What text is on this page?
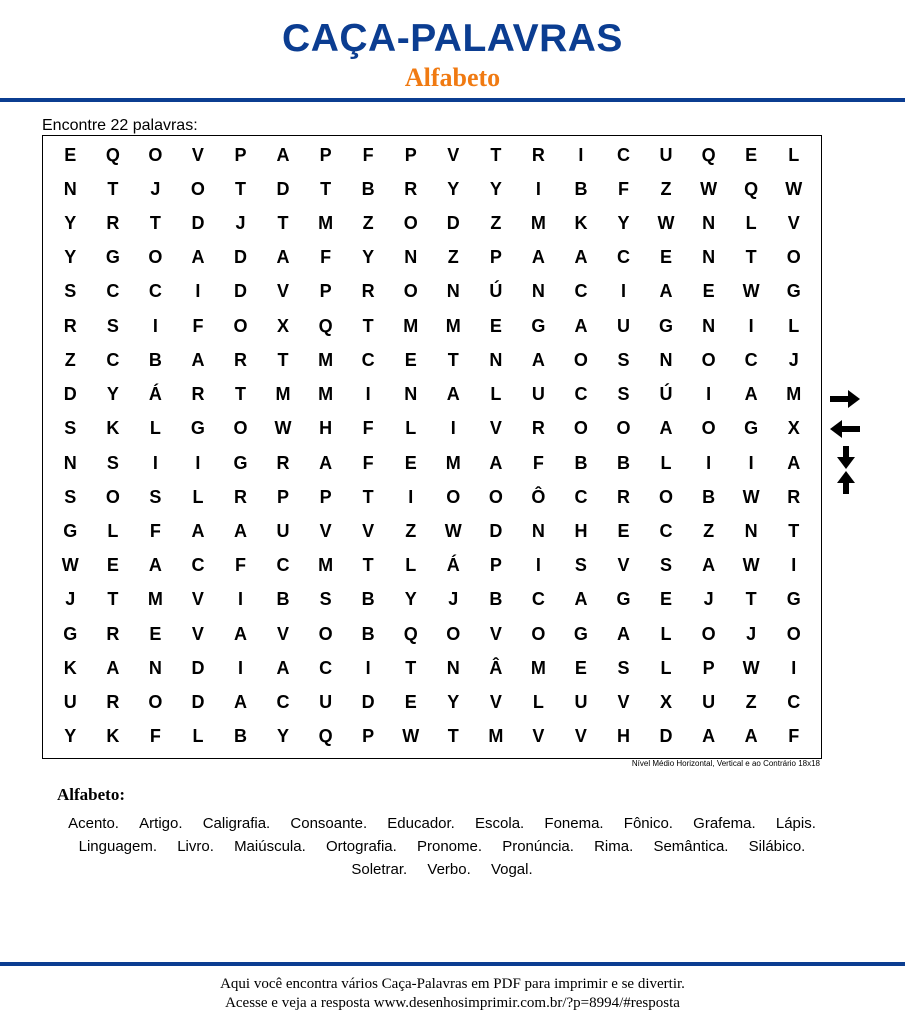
CAÇA-PALAVRAS
Alfabeto
Encontre 22 palavras:
E	Q	O	V	P	A	P	F	P	V	T	R	I	C	U	Q	E	L
N	T	J	O	T	D	T	B	R	Y	Y	I	B	F	Z	W	Q	W
Y	R	T	D	J	T	M	Z	O	D	Z	M	K	Y	W	N	L	V
Y	G	O	A	D	A	F	Y	N	Z	P	A	A	C	E	N	T	O
S	C	C	I	D	V	P	R	O	N	Ú	N	C	I	A	E	W	G
R	S	I	F	O	X	Q	T	M	M	E	G	A	U	G	N	I	L
Z	C	B	A	R	T	M	C	E	T	N	A	O	S	N	O	C	J
D	Y	Á	R	T	M	M	I	N	A	L	U	C	S	Ú	I	A	M
S	K	L	G	O	W	H	F	L	I	V	R	O	O	A	O	G	X
N	S	I	I	G	R	A	F	E	M	A	F	B	B	L	I	I	A
S	O	S	L	R	P	P	T	I	O	O	Ô	C	R	O	B	W	R
G	L	F	A	A	U	V	V	Z	W	D	N	H	E	C	Z	N	T
W	E	A	C	F	C	M	T	L	Á	P	I	S	V	S	A	W	I
J	T	M	V	I	B	S	B	Y	J	B	C	A	G	E	J	T	G
G	R	E	V	A	V	O	B	Q	O	V	O	G	A	L	O	J	O
K	A	N	D	I	A	C	I	T	N	Â	M	E	S	L	P	W	I
U	R	O	D	A	C	U	D	E	Y	V	L	U	V	X	U	Z	C
Y	K	F	L	B	Y	Q	P	W	T	M	V	V	H	D	A	A	F
Nível Médio Horizontal, Vertical e ao Contrário 18x18
Alfabeto:
Acento. Artigo. Caligrafia. Consoante. Educador. Escola. Fonema. Fônico. Grafema. Lápis. Linguagem. Livro. Maiúscula. Ortografia. Pronome. Pronúncia. Rima. Semântica. Silábico. Soletrar. Verbo. Vogal.
Aqui você encontra vários Caça-Palavras em PDF para imprimir e se divertir.
Acesse e veja a resposta www.desenhosimprimir.com.br/?p=8994/#resposta
